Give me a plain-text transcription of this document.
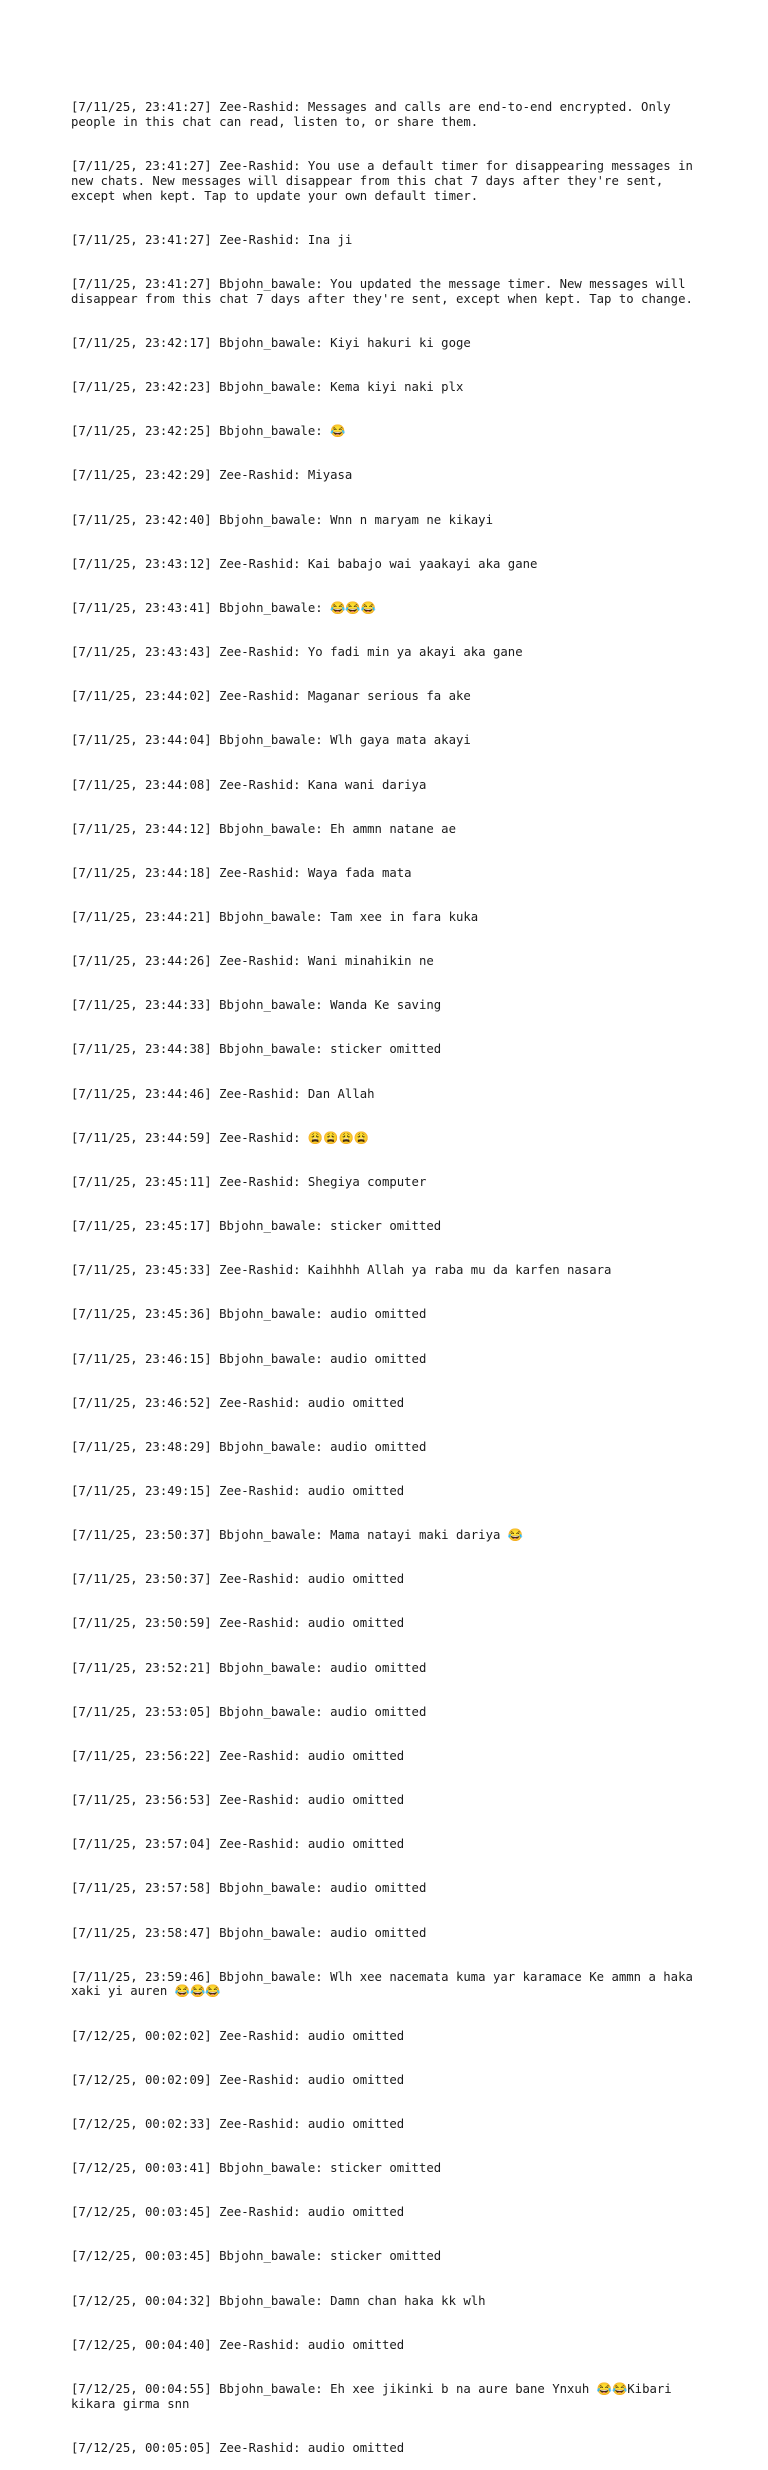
[7/11/25, 23:41:27] Zee-Rashid: Messages and calls are end-to-end encrypted. Only people in this chat can read, listen to, or share them.

[7/11/25, 23:41:27] Zee-Rashid: You use a default timer for disappearing messages in new chats. New messages will disappear from this chat 7 days after they're sent, except when kept. Tap to update your own default timer.

[7/11/25, 23:41:27] Zee-Rashid: Ina ji

[7/11/25, 23:41:27] Bbjohn_bawale: You updated the message timer. New messages will disappear from this chat 7 days after they're sent, except when kept. Tap to change.

[7/11/25, 23:42:17] Bbjohn_bawale: Kiyi hakuri ki goge

[7/11/25, 23:42:23] Bbjohn_bawale: Kema kiyi naki plx

[7/11/25, 23:42:25] Bbjohn_bawale: 😂

[7/11/25, 23:42:29] Zee-Rashid: Miyasa

[7/11/25, 23:42:40] Bbjohn_bawale: Wnn n maryam ne kikayi

[7/11/25, 23:43:12] Zee-Rashid: Kai babajo wai yaakayi aka gane

[7/11/25, 23:43:41] Bbjohn_bawale: 😂😂😂

[7/11/25, 23:43:43] Zee-Rashid: Yo fadi min ya akayi aka gane

[7/11/25, 23:44:02] Zee-Rashid: Maganar serious fa ake

[7/11/25, 23:44:04] Bbjohn_bawale: Wlh gaya mata akayi

[7/11/25, 23:44:08] Zee-Rashid: Kana wani dariya

[7/11/25, 23:44:12] Bbjohn_bawale: Eh ammn natane ae

[7/11/25, 23:44:18] Zee-Rashid: Waya fada mata

[7/11/25, 23:44:21] Bbjohn_bawale: Tam xee in fara kuka

[7/11/25, 23:44:26] Zee-Rashid: Wani minahikin ne

[7/11/25, 23:44:33] Bbjohn_bawale: Wanda Ke saving

[7/11/25, 23:44:38] Bbjohn_bawale: sticker omitted

[7/11/25, 23:44:46] Zee-Rashid: Dan Allah

[7/11/25, 23:44:59] Zee-Rashid: 😩😩😩😩

[7/11/25, 23:45:11] Zee-Rashid: Shegiya computer

[7/11/25, 23:45:17] Bbjohn_bawale: sticker omitted

[7/11/25, 23:45:33] Zee-Rashid: Kaihhhh Allah ya raba mu da karfen nasara

[7/11/25, 23:45:36] Bbjohn_bawale: audio omitted

[7/11/25, 23:46:15] Bbjohn_bawale: audio omitted

[7/11/25, 23:46:52] Zee-Rashid: audio omitted

[7/11/25, 23:48:29] Bbjohn_bawale: audio omitted

[7/11/25, 23:49:15] Zee-Rashid: audio omitted

[7/11/25, 23:50:37] Bbjohn_bawale: Mama natayi maki dariya 😂

[7/11/25, 23:50:37] Zee-Rashid: audio omitted

[7/11/25, 23:50:59] Zee-Rashid: audio omitted

[7/11/25, 23:52:21] Bbjohn_bawale: audio omitted

[7/11/25, 23:53:05] Bbjohn_bawale: audio omitted

[7/11/25, 23:56:22] Zee-Rashid: audio omitted

[7/11/25, 23:56:53] Zee-Rashid: audio omitted

[7/11/25, 23:57:04] Zee-Rashid: audio omitted

[7/11/25, 23:57:58] Bbjohn_bawale: audio omitted

[7/11/25, 23:58:47] Bbjohn_bawale: audio omitted

[7/11/25, 23:59:46] Bbjohn_bawale: Wlh xee nacemata kuma yar karamace Ke ammn a haka xaki yi auren 😂😂😂

[7/12/25, 00:02:02] Zee-Rashid: audio omitted

[7/12/25, 00:02:09] Zee-Rashid: audio omitted

[7/12/25, 00:02:33] Zee-Rashid: audio omitted

[7/12/25, 00:03:41] Bbjohn_bawale: sticker omitted

[7/12/25, 00:03:45] Zee-Rashid: audio omitted

[7/12/25, 00:03:45] Bbjohn_bawale: sticker omitted

[7/12/25, 00:04:32] Bbjohn_bawale: Damn chan haka kk wlh

[7/12/25, 00:04:40] Zee-Rashid: audio omitted

[7/12/25, 00:04:55] Bbjohn_bawale: Eh xee jikinki b na aure bane Ynxuh 😂😂Kibari kikara girma snn

[7/12/25, 00:05:05] Zee-Rashid: audio omitted
